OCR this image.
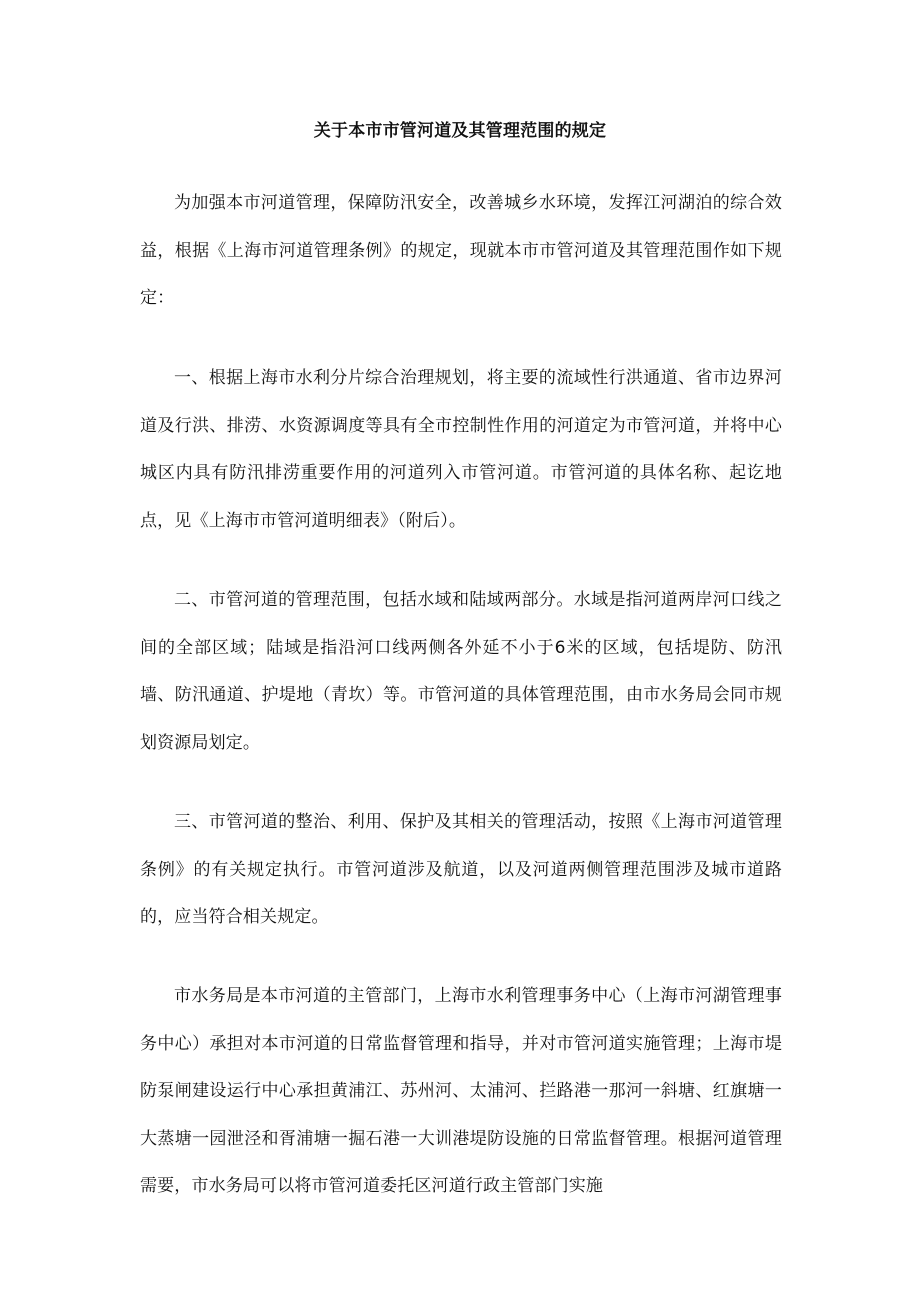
关于本市市管河道及其管理范围的规定

为加强本市河道管理，保障防汛安全，改善城乡水环境，发挥江河湖泊的综合效益，根据《上海市河道管理条例》的规定，现就本市市管河道及其管理范围作如下规定：

一、根据上海市水利分片综合治理规划，将主要的流域性行洪通道、省市边界河道及行洪、排涝、水资源调度等具有全市控制性作用的河道定为市管河道，并将中心城区内具有防汛排涝重要作用的河道列入市管河道。市管河道的具体名称、起讫地点，见《上海市市管河道明细表》（附后）。

二、市管河道的管理范围，包括水域和陆域两部分。水域是指河道两岸河口线之间的全部区域；陆域是指沿河口线两侧各外延不小于6米的区域，包括堤防、防汛墙、防汛通道、护堤地（青坎）等。市管河道的具体管理范围，由市水务局会同市规划资源局划定。

三、市管河道的整治、利用、保护及其相关的管理活动，按照《上海市河道管理条例》的有关规定执行。市管河道涉及航道，以及河道两侧管理范围涉及城市道路的，应当符合相关规定。

市水务局是本市河道的主管部门，上海市水利管理事务中心（上海市河湖管理事务中心）承担对本市河道的日常监督管理和指导，并对市管河道实施管理；上海市堤防泵闸建设运行中心承担黄浦江、苏州河、太浦河、拦路港一那河一斜塘、红旗塘一大蒸塘一园泄泾和胥浦塘一掘石港一大训港堤防设施的日常监督管理。根据河道管理需要，市水务局可以将市管河道委托区河道行政主管部门实施
